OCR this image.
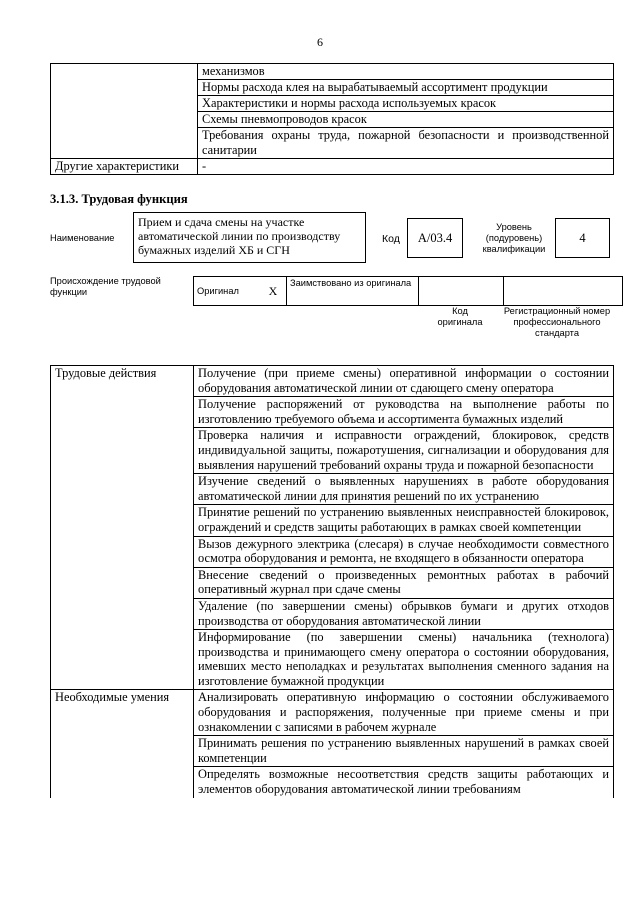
6
	механизмов
	Нормы расхода клея на вырабатываемый ассортимент продукции
	Характеристики и нормы расхода используемых красок
	Схемы пневмопроводов красок
	Требования охраны труда, пожарной безопасности и производственной санитарии
Другие характеристики	-
3.1.3. Трудовая функция
Наименование
Прием и сдача смены на участке автоматической линии по производству бумажных изделий ХБ и СГН
Код	А/03.4
Уровень (подуровень) квалификации
4
Происхождение трудовой функции	Оригинал	X	Заимствовано из оригинала		
Код оригинала
Регистрационный номер профессионального стандарта
Трудовые действия	Получение (при приеме смены) оперативной информации о состоянии оборудования автоматической линии от сдающего смену оператора
	Получение распоряжений от руководства на выполнение работы по изготовлению требуемого объема и ассортимента бумажных изделий
	Проверка наличия и исправности ограждений, блокировок, средств индивидуальной защиты, пожаротушения, сигнализации и оборудования для выявления нарушений требований охраны труда и пожарной безопасности
	Изучение сведений о выявленных нарушениях в работе оборудования автоматической линии для принятия решений по их устранению
	Принятие решений по устранению выявленных неисправностей блокировок, ограждений и средств защиты работающих в рамках своей компетенции
	Вызов дежурного электрика (слесаря) в случае необходимости совместного осмотра оборудования и ремонта, не входящего в обязанности оператора
	Внесение сведений о произведенных ремонтных работах в рабочий оперативный журнал при сдаче смены
	Удаление (по завершении смены) обрывков бумаги и других отходов производства от оборудования автоматической линии
	Информирование (по завершении смены) начальника (технолога) производства и принимающего смену оператора о состоянии оборудования, имевших место неполадках и результатах выполнения сменного задания на изготовление бумажной продукции
Необходимые умения	Анализировать оперативную информацию о состоянии обслуживаемого оборудования и распоряжения, полученные при приеме смены и при ознакомлении с записями в рабочем журнале
	Принимать решения по устранению выявленных нарушений в рамках своей компетенции
	Определять возможные несоответствия средств защиты работающих и элементов оборудования автоматической линии требованиям
